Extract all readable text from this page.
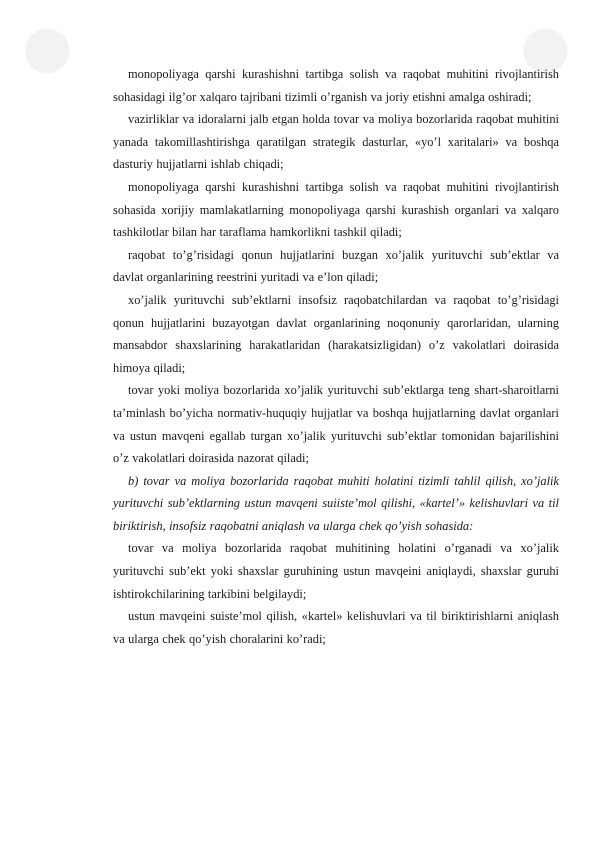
●	●

monopoliyaga qarshi kurashishni tartibga solish va raqobat muhitini rivojlantirish sohasidagi ilg’or xalqaro tajribani tizimli o’rganish va joriy etishni amalga oshiradi;

vazirliklar va idoralarni jalb etgan holda tovar va moliya bozorlarida raqobat muhitini yanada takomillashtirishga qaratilgan strategik dasturlar, «yo’l xaritalari» va boshqa dasturiy hujjatlarni ishlab chiqadi;

monopoliyaga qarshi kurashishni tartibga solish va raqobat muhitini rivojlantirish sohasida xorijiy mamlakatlarning monopoliyaga qarshi kurashish organlari va xalqaro tashkilotlar bilan har taraflama hamkorlikni tashkil qiladi;

raqobat to’g’risidagi qonun hujjatlarini buzgan xo’jalik yurituvchi sub’ektlar va davlat organlarining reestrini yuritadi va e’lon qiladi;

xo’jalik yurituvchi sub’ektlarni insofsiz raqobatchilardan va raqobat to’g’risidagi qonun hujjatlarini buzayotgan davlat organlarining noqonuniy qarorlaridan, ularning mansabdor shaxslarining harakatlaridan (harakatsizligidan) o’z vakolatlari doirasida himoya qiladi;

tovar yoki moliya bozorlarida xo’jalik yurituvchi sub’ektlarga teng shart-sharoitlarni ta’minlash bo’yicha normativ-huquqiy hujjatlar va boshqa hujjatlarning davlat organlari va ustun mavqeni egallab turgan xo’jalik yurituvchi sub’ektlar tomonidan bajarilishini o’z vakolatlari doirasida nazorat qiladi;

b) tovar va moliya bozorlarida raqobat muhiti holatini tizimli tahlil qilish, xo’jalik yurituvchi sub’ektlarning ustun mavqeni suiiste’mol qilishi, «kartel’» kelishuvlari va til biriktirish, insofsiz raqobatni aniqlash va ularga chek qo’yish sohasida:

tovar va moliya bozorlarida raqobat muhitining holatini o’rganadi va xo’jalik yurituvchi sub’ekt yoki shaxslar guruhining ustun mavqeini aniqlaydi, shaxslar guruhi ishtirokchilarining tarkibini belgilaydi;

ustun mavqeini suiste’mol qilish, «kartel» kelishuvlari va til biriktirishlarni aniqlash va ularga chek qo’yish choralarini ko’radi;
